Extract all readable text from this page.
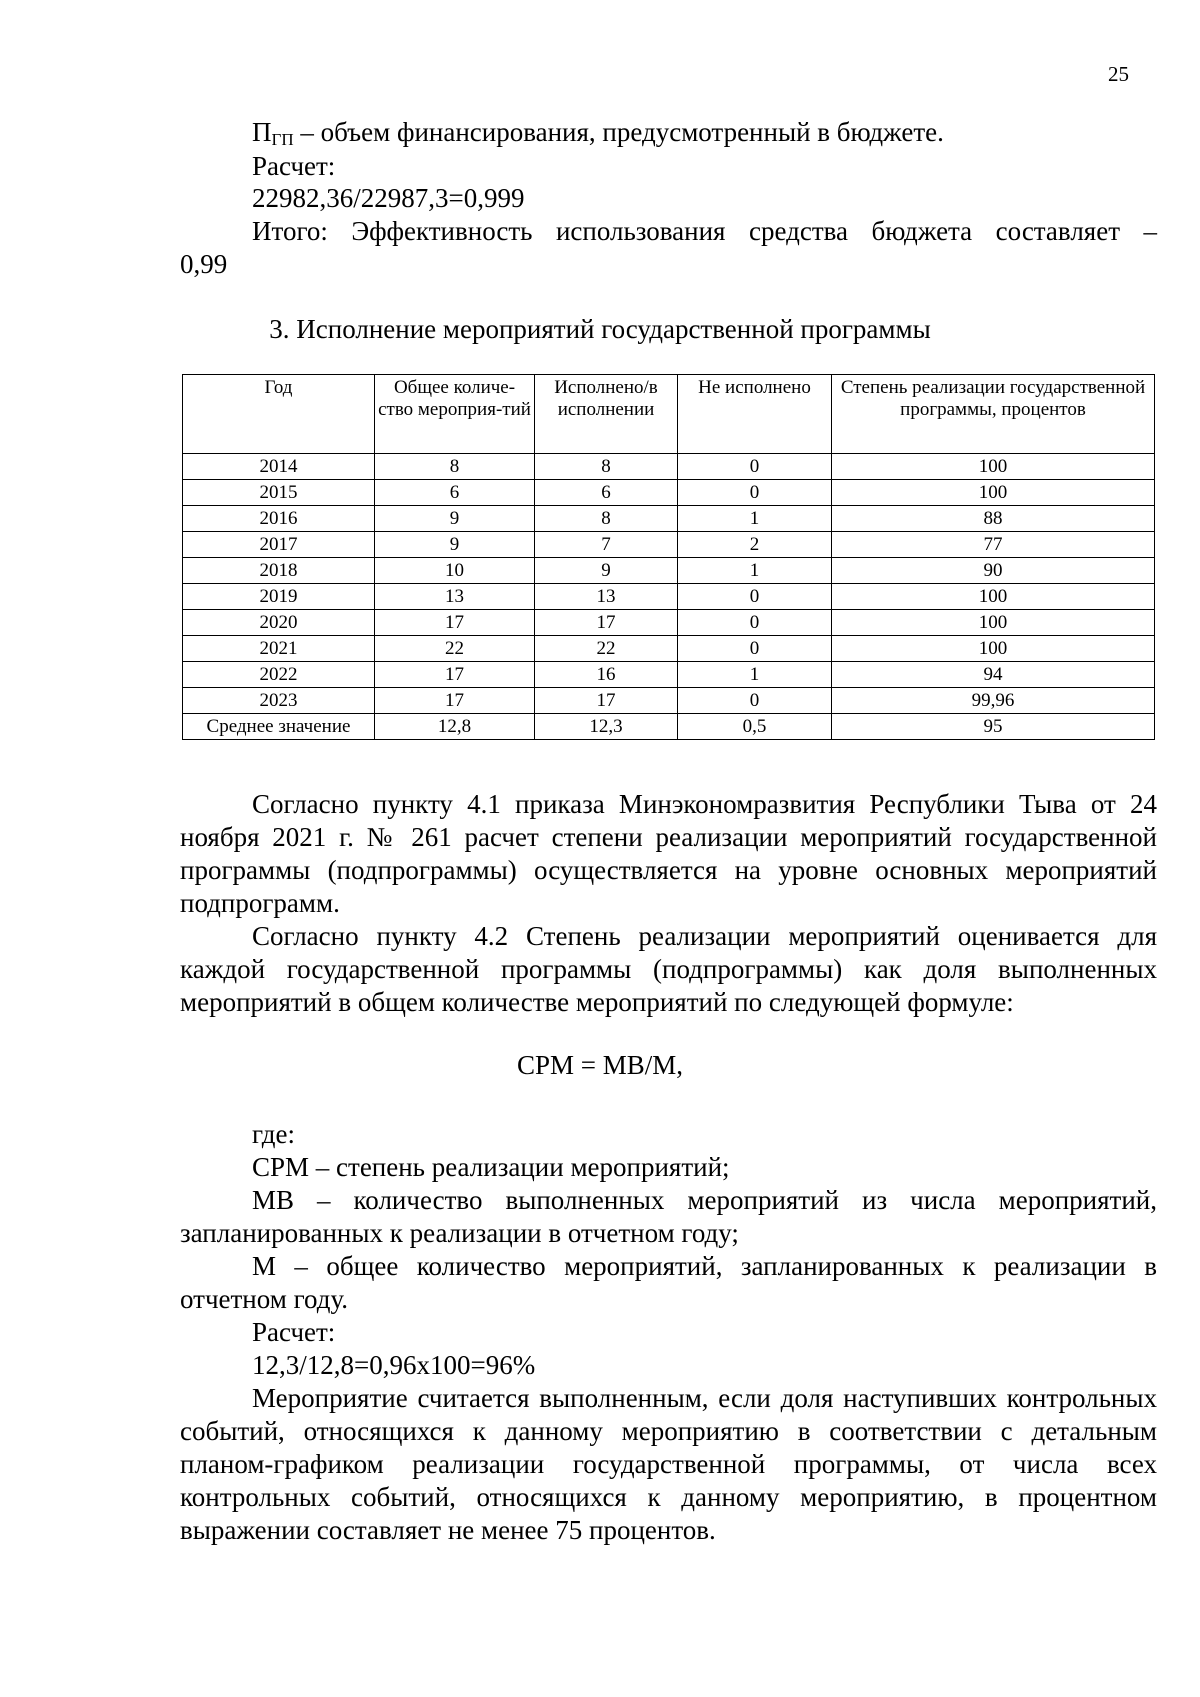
25
$П_{ГП}$ – объем финансирования, предусмотренный в бюджете.
Расчет:
22982,36/22987,3=0,999
Итого: Эффективность использования средства бюджета составляет –
0,99
3. Исполнение мероприятий государственной программы
Год	Общее количе-ство мероприя-тий	Исполнено/в исполнении	Не исполнено	Степень реализации государственной программы, процентов
2014	8	8	0	100
2015	6	6	0	100
2016	9	8	1	88
2017	9	7	2	77
2018	10	9	1	90
2019	13	13	0	100
2020	17	17	0	100
2021	22	22	0	100
2022	17	16	1	94
2023	17	17	0	99,96
Среднее значение	12,8	12,3	0,5	95
Согласно пункту 4.1 приказа Минэкономразвития Республики Тыва от 24 ноября 2021 г. № 261 расчет степени реализации мероприятий государственной программы (подпрограммы) осуществляется на уровне основных мероприятий подпрограмм.
Согласно пункту 4.2 Степень реализации мероприятий оценивается для каждой государственной программы (подпрограммы) как доля выполненных мероприятий в общем количестве мероприятий по следующей формуле:
СРМ = МВ/М,
где:
СРМ – степень реализации мероприятий;
МВ – количество выполненных мероприятий из числа мероприятий, запланированных к реализации в отчетном году;
М – общее количество мероприятий, запланированных к реализации в отчетном году.
Расчет:
12,3/12,8=0,96х100=96%
Мероприятие считается выполненным, если доля наступивших контрольных событий, относящихся к данному мероприятию в соответствии с детальным планом-графиком реализации государственной программы, от числа всех контрольных событий, относящихся к данному мероприятию, в процентном выражении составляет не менее 75 процентов.
